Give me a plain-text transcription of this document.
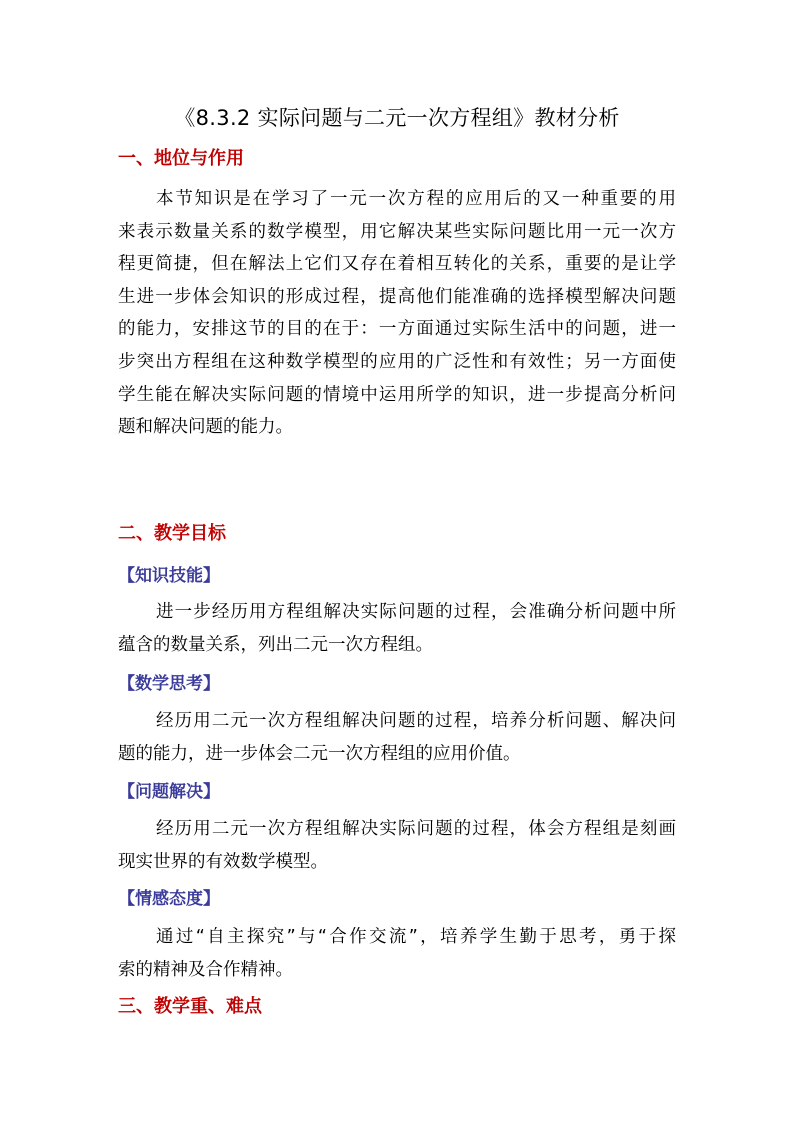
《8.3.2 实际问题与二元一次方程组》教材分析
一、地位与作用
本节知识是在学习了一元一次方程的应用后的又一种重要的用
来表示数量关系的数学模型，用它解决某些实际问题比用一元一次方
程更简捷，但在解法上它们又存在着相互转化的关系，重要的是让学
生进一步体会知识的形成过程，提高他们能准确的选择模型解决问题
的能力，安排这节的目的在于：一方面通过实际生活中的问题，进一
步突出方程组在这种数学模型的应用的广泛性和有效性；另一方面使
学生能在解决实际问题的情境中运用所学的知识，进一步提高分析问
题和解决问题的能力。
二、教学目标
【知识技能】
进一步经历用方程组解决实际问题的过程，会准确分析问题中所
蕴含的数量关系，列出二元一次方程组。
【数学思考】
经历用二元一次方程组解决问题的过程，培养分析问题、解决问
题的能力，进一步体会二元一次方程组的应用价值。
【问题解决】
经历用二元一次方程组解决实际问题的过程，体会方程组是刻画
现实世界的有效数学模型。
【情感态度】
通过“自主探究”与“合作交流”，培养学生勤于思考，勇于探
索的精神及合作精神。
三、教学重、难点
